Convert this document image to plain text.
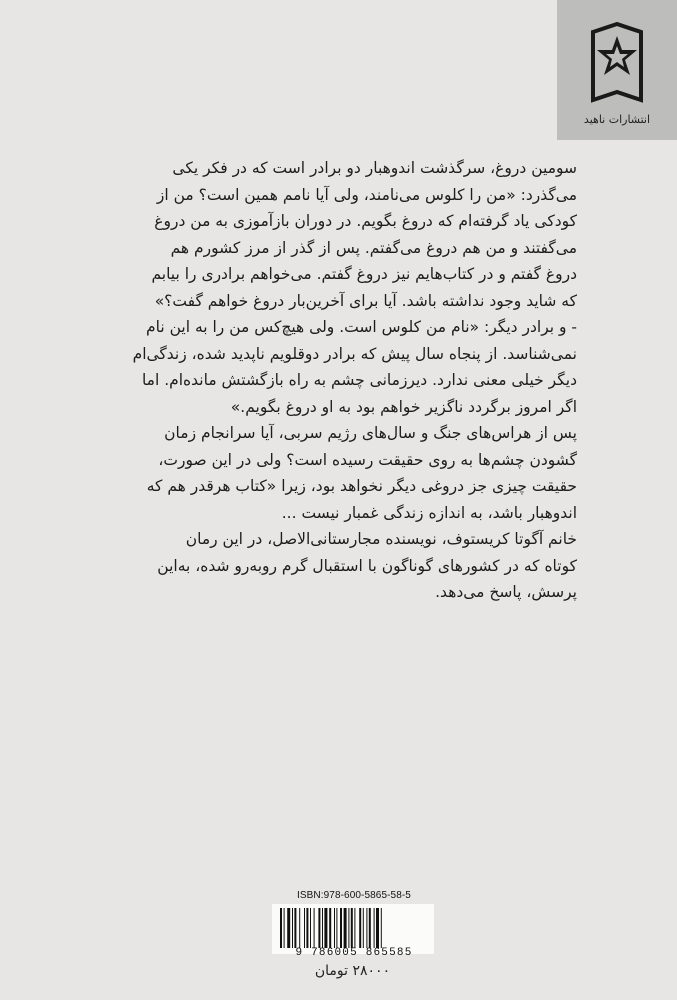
انتشارات ناهید

سومین دروغ، سرگذشت اندوهبار دو برادر است که در فکر یکی
می‌گذرد: «من را کلوس می‌نامند، ولی آیا نامم همین است؟ من از
کودکی یاد گرفته‌ام که دروغ بگویم. در دوران بازآموزی به من دروغ
می‌گفتند و من هم دروغ می‌گفتم. پس از گذر از مرز کشورم هم
دروغ گفتم و در کتاب‌هایم نیز دروغ گفتم. می‌خواهم برادری را بیابم
که شاید وجود نداشته باشد. آیا برای آخرین‌بار دروغ خواهم گفت؟»

- و برادر دیگر: «نام من کلوس است. ولی هیچ‌کس من را به این نام
نمی‌شناسد. از پنجاه سال پیش که برادر دوقلویم ناپدید شده، زندگی‌ام
دیگر خیلی معنی ندارد. دیرزمانی چشم به راه بازگشتش مانده‌ام. اما
اگر امروز برگردد ناگزیر خواهم بود به او دروغ بگویم.»

پس از هراس‌های جنگ و سال‌های رژیم سربی، آیا سرانجام زمان
گشودن چشم‌ها به روی حقیقت رسیده است؟ ولی در این صورت،
حقیقت چیزی جز دروغی دیگر نخواهد بود، زیرا «کتاب هرقدر هم که
اندوهبار باشد، به اندازه زندگی غمبار نیست ...

خانم آگوتا کریستوف، نویسنده مجارستانی‌الاصل، در این رمان
کوتاه که در کشورهای گوناگون با استقبال گرم روبه‌رو شده، به‌این
پرسش، پاسخ می‌دهد.

ISBN:978-600-5865-58-5
9 786005 865585
۲۸۰۰۰ تومان
